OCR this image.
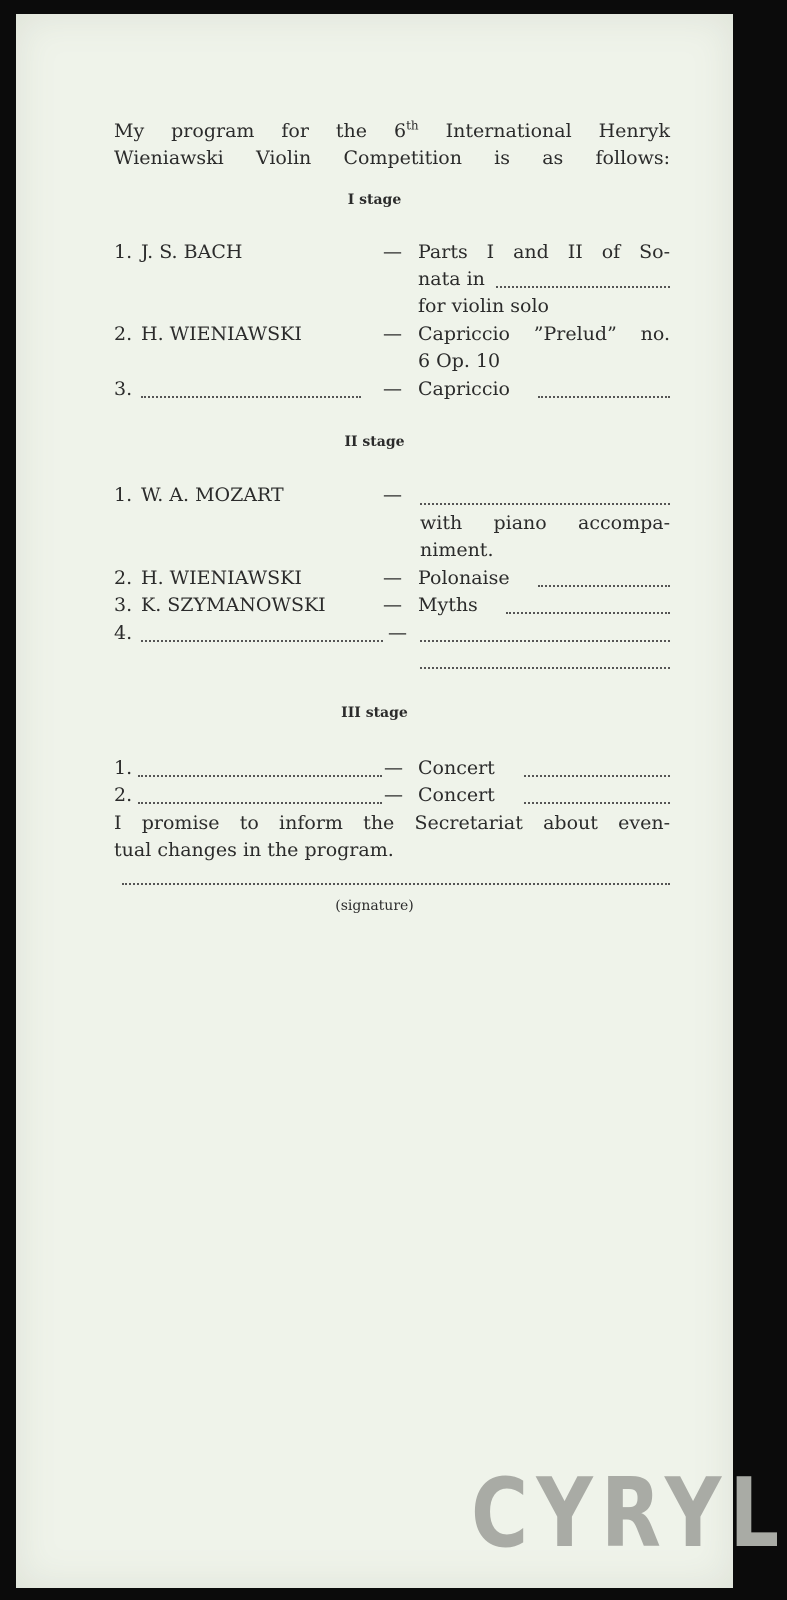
My program for the 6th International Henryk
Wieniawski Violin Competition is as follows:
I stage
1. J. S. BACH	— Parts I and II of So-
nata in
for violin solo
2. H. WIENIAWSKI	— Capriccio ”Prelud” no.
6 Op. 10
3.	— Capriccio
II stage
1. W. A. MOZART	—
with piano accompa-
niment.
2. H. WIENIAWSKI	— Polonaise
3. K. SZYMANOWSKI	— Myths
4.	—
III stage
1.	— Concert
2.	— Concert
I promise to inform the Secretariat about even-
tual changes in the program.
(signature)
CYRYL
